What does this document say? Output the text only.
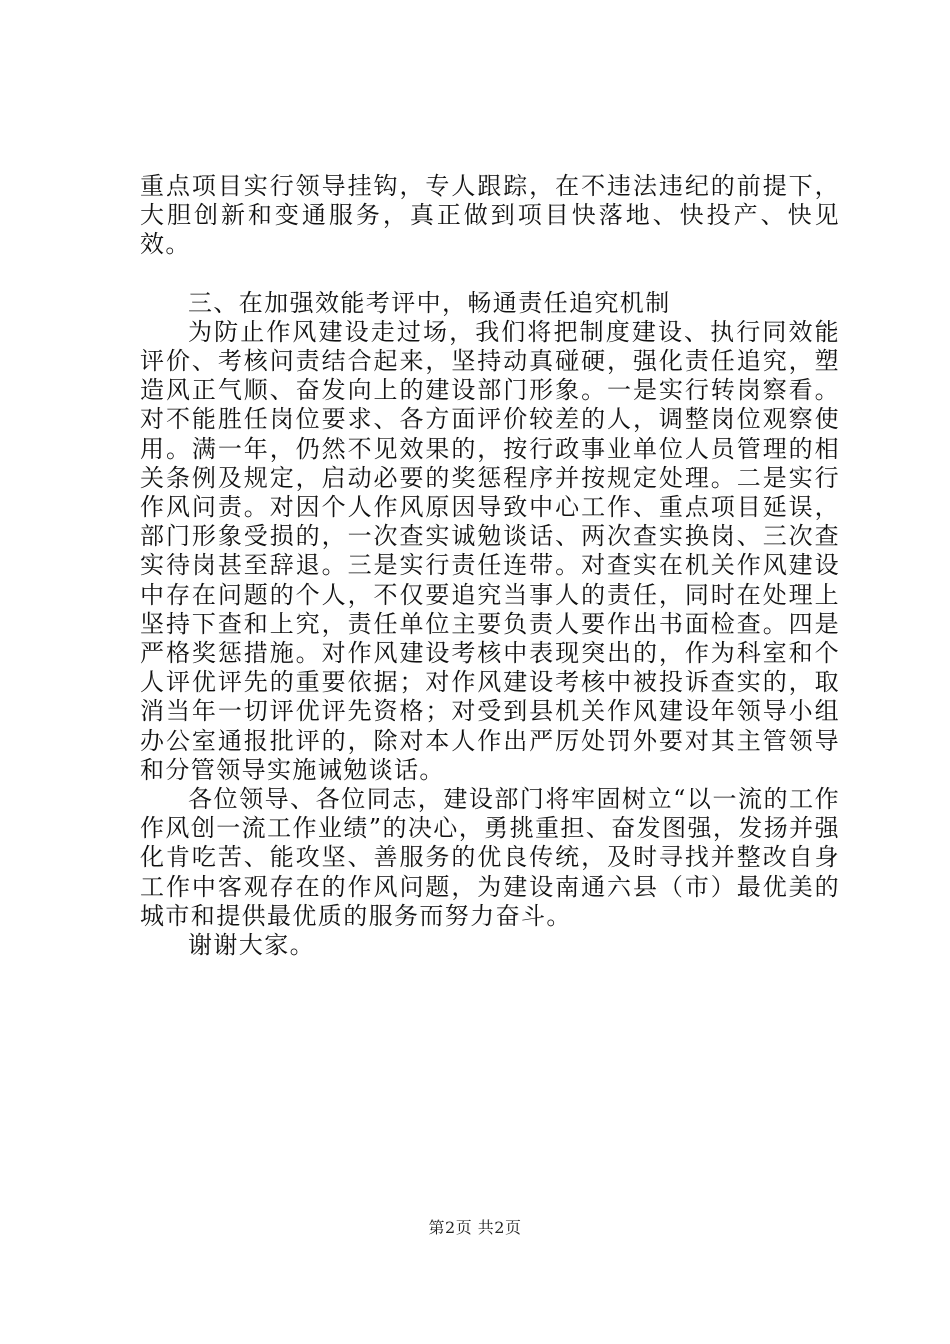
重点项目实行领导挂钩，专人跟踪，在不违法违纪的前提下，大胆创新和变通服务，真正做到项目快落地、快投产、快见效。

三、在加强效能考评中，畅通责任追究机制

为防止作风建设走过场，我们将把制度建设、执行同效能评价、考核问责结合起来，坚持动真碰硬，强化责任追究，塑造风正气顺、奋发向上的建设部门形象。一是实行转岗察看。对不能胜任岗位要求、各方面评价较差的人，调整岗位观察使用。满一年，仍然不见效果的，按行政事业单位人员管理的相关条例及规定，启动必要的奖惩程序并按规定处理。二是实行作风问责。对因个人作风原因导致中心工作、重点项目延误，部门形象受损的，一次查实诚勉谈话、两次查实换岗、三次查实待岗甚至辞退。三是实行责任连带。对查实在机关作风建设中存在问题的个人，不仅要追究当事人的责任，同时在处理上坚持下查和上究，责任单位主要负责人要作出书面检查。四是严格奖惩措施。对作风建设考核中表现突出的，作为科室和个人评优评先的重要依据；对作风建设考核中被投诉查实的，取消当年一切评优评先资格；对受到县机关作风建设年领导小组办公室通报批评的，除对本人作出严厉处罚外要对其主管领导和分管领导实施诫勉谈话。

各位领导、各位同志，建设部门将牢固树立“以一流的工作作风创一流工作业绩”的决心，勇挑重担、奋发图强，发扬并强化肯吃苦、能攻坚、善服务的优良传统，及时寻找并整改自身工作中客观存在的作风问题，为建设南通六县（市）最优美的城市和提供最优质的服务而努力奋斗。

谢谢大家。

第2页 共2页
